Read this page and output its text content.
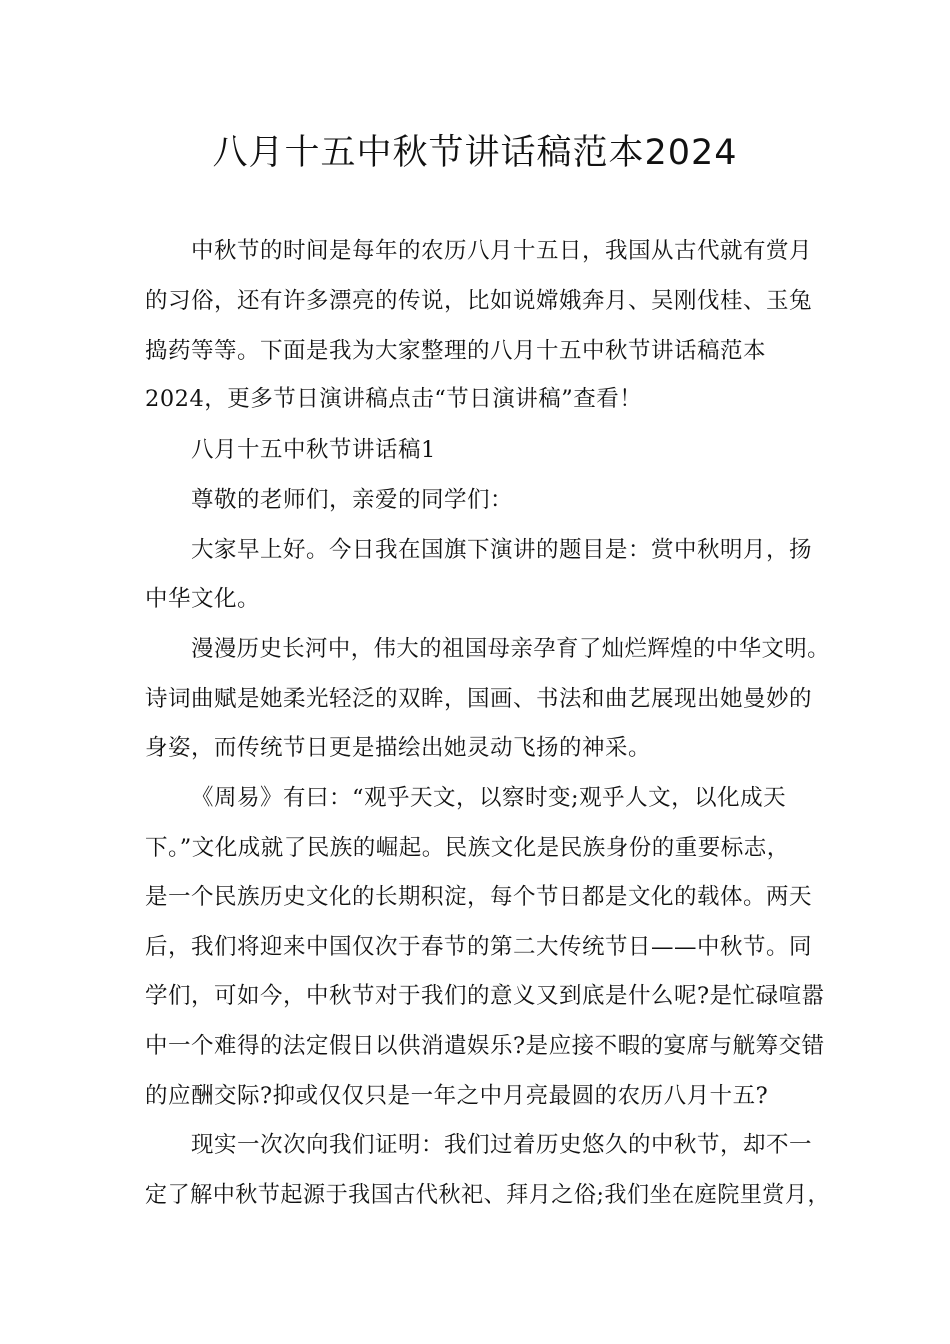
八月十五中秋节讲话稿范本2024
中秋节的时间是每年的农历八月十五日，我国从古代就有赏月
的习俗，还有许多漂亮的传说，比如说嫦娥奔月、吴刚伐桂、玉兔
捣药等等。下面是我为大家整理的八月十五中秋节讲话稿范本
2024，更多节日演讲稿点击“节日演讲稿”查看！
八月十五中秋节讲话稿1
尊敬的老师们，亲爱的同学们：
大家早上好。今日我在国旗下演讲的题目是：赏中秋明月，扬
中华文化。
漫漫历史长河中，伟大的祖国母亲孕育了灿烂辉煌的中华文明。
诗词曲赋是她柔光轻泛的双眸，国画、书法和曲艺展现出她曼妙的
身姿，而传统节日更是描绘出她灵动飞扬的神采。
《周易》有曰：“观乎天文，以察时变;观乎人文，以化成天
下。”文化成就了民族的崛起。民族文化是民族身份的重要标志，
是一个民族历史文化的长期积淀，每个节日都是文化的载体。两天
后，我们将迎来中国仅次于春节的第二大传统节日——中秋节。同
学们，可如今，中秋节对于我们的意义又到底是什么呢?是忙碌喧嚣
中一个难得的法定假日以供消遣娱乐?是应接不暇的宴席与觥筹交错
的应酬交际?抑或仅仅只是一年之中月亮最圆的农历八月十五?
现实一次次向我们证明：我们过着历史悠久的中秋节，却不一
定了解中秋节起源于我国古代秋祀、拜月之俗;我们坐在庭院里赏月，
